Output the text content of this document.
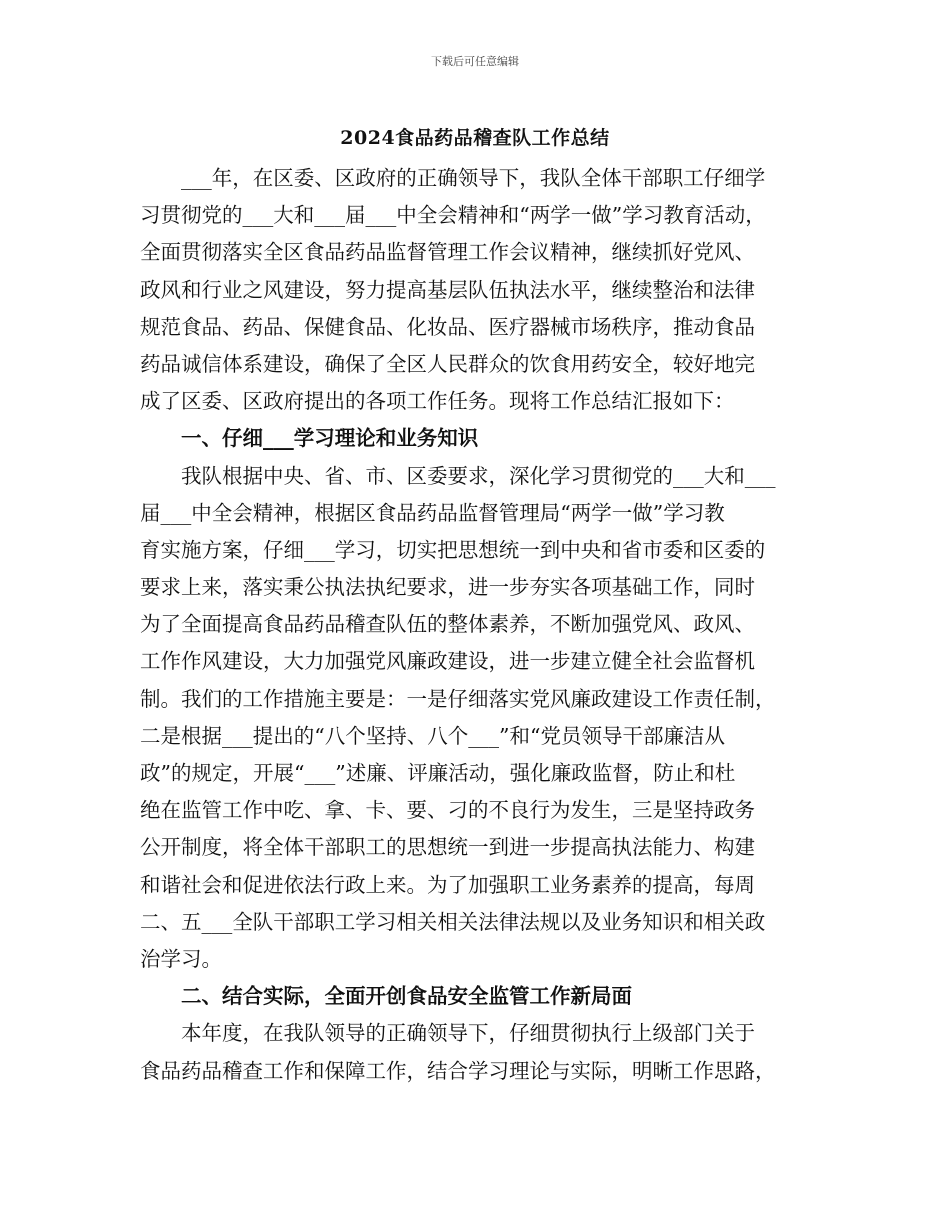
下载后可任意编辑
2024食品药品稽查队工作总结
　　___年，在区委、区政府的正确领导下，我队全体干部职工仔细学
习贯彻党的___大和___届___中全会精神和“两学一做”学习教育活动，
全面贯彻落实全区食品药品监督管理工作会议精神，继续抓好党风、
政风和行业之风建设，努力提高基层队伍执法水平，继续整治和法律
规范食品、药品、保健食品、化妆品、医疗器械市场秩序，推动食品
药品诚信体系建设，确保了全区人民群众的饮食用药安全，较好地完
成了区委、区政府提出的各项工作任务。现将工作总结汇报如下：
　　一、仔细___学习理论和业务知识
　　我队根据中央、省、市、区委要求，深化学习贯彻党的___大和___
届___中全会精神，根据区食品药品监督管理局“两学一做”学习教
育实施方案，仔细___学习，切实把思想统一到中央和省市委和区委的
要求上来，落实秉公执法执纪要求，进一步夯实各项基础工作，同时
为了全面提高食品药品稽查队伍的整体素养，不断加强党风、政风、
工作作风建设，大力加强党风廉政建设，进一步建立健全社会监督机
制。我们的工作措施主要是：一是仔细落实党风廉政建设工作责任制，
二是根据___提出的“八个坚持、八个___”和“党员领导干部廉洁从
政”的规定，开展“___”述廉、评廉活动，强化廉政监督，防止和杜
绝在监管工作中吃、拿、卡、要、刁的不良行为发生，三是坚持政务
公开制度，将全体干部职工的思想统一到进一步提高执法能力、构建
和谐社会和促进依法行政上来。为了加强职工业务素养的提高，每周
二、五___全队干部职工学习相关相关法律法规以及业务知识和相关政
治学习。
　　二、结合实际，全面开创食品安全监管工作新局面
　　本年度，在我队领导的正确领导下，仔细贯彻执行上级部门关于
食品药品稽查工作和保障工作，结合学习理论与实际，明晰工作思路，
